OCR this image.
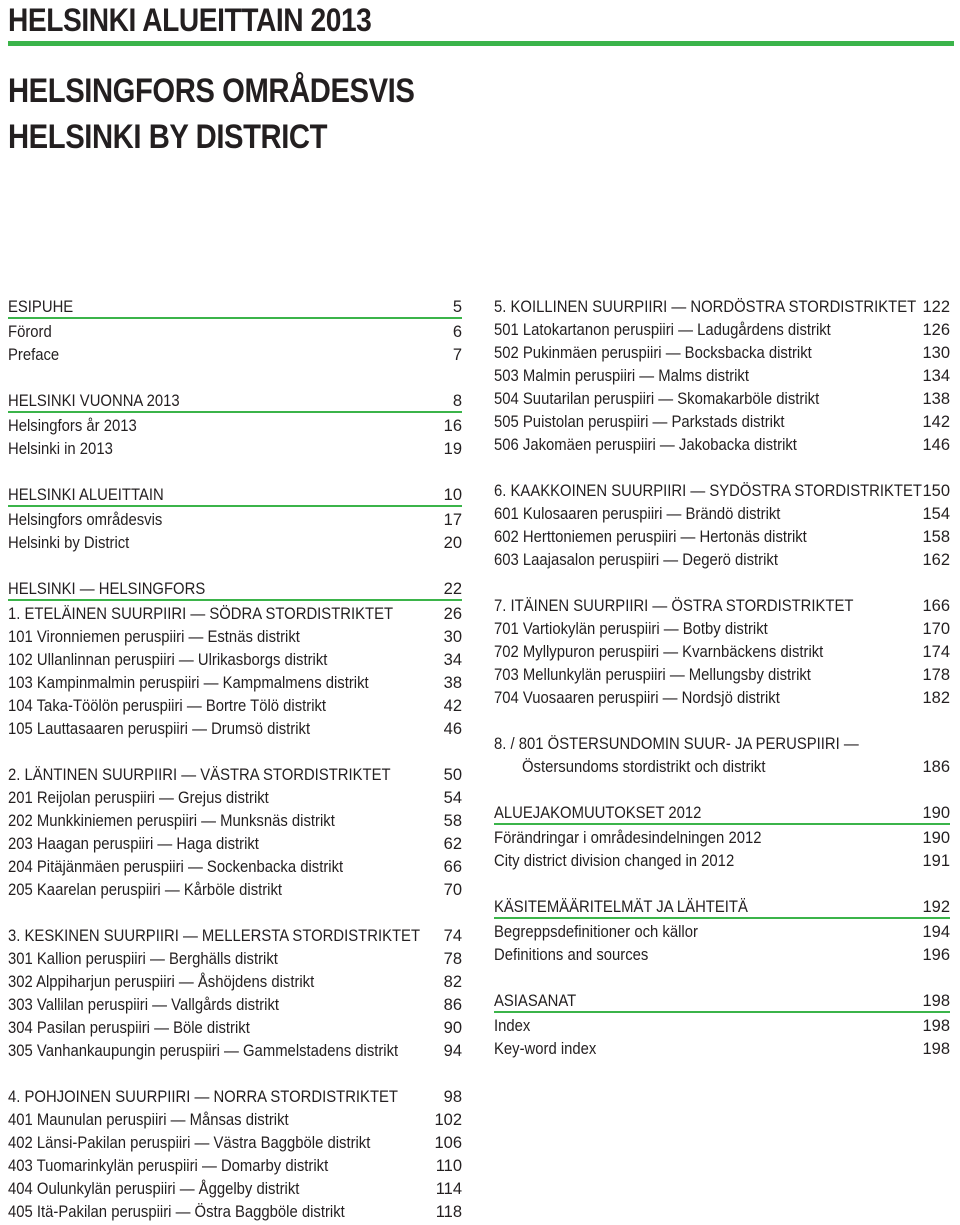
HELSINKI ALUEITTAIN 2013
HELSINGFORS OMRÅDESVIS
HELSINKI BY DISTRICT
ESIPUHE	5
Förord	6
Preface	7
HELSINKI VUONNA 2013	8
Helsingfors år 2013	16
Helsinki in 2013	19
HELSINKI ALUEITTAIN	10
Helsingfors områdesvis	17
Helsinki by District	20
HELSINKI — HELSINGFORS	22
1. ETELÄINEN SUURPIIRI — SÖDRA STORDISTRIKTET	26
101 Vironniemen peruspiiri — Estnäs distrikt	30
102 Ullanlinnan peruspiiri — Ulrikasborgs distrikt	34
103 Kampinmalmin peruspiiri — Kampmalmens distrikt	38
104 Taka-Töölön peruspiiri — Bortre Tölö distrikt	42
105 Lauttasaaren peruspiiri — Drumsö distrikt	46
2. LÄNTINEN SUURPIIRI — VÄSTRA STORDISTRIKTET	50
201 Reijolan peruspiiri — Grejus distrikt	54
202 Munkkiniemen peruspiiri — Munksnäs distrikt	58
203 Haagan peruspiiri — Haga distrikt	62
204 Pitäjänmäen peruspiiri — Sockenbacka distrikt	66
205 Kaarelan peruspiiri — Kårböle distrikt	70
3. KESKINEN SUURPIIRI — MELLERSTA STORDISTRIKTET 74
301 Kallion peruspiiri — Berghälls distrikt	78
302 Alppiharjun peruspiiri — Åshöjdens distrikt	82
303 Vallilan peruspiiri — Vallgårds distrikt	86
304 Pasilan peruspiiri — Böle distrikt	90
305 Vanhankaupungin peruspiiri — Gammelstadens distrikt	94
4. POHJOINEN SUURPIIRI — NORRA STORDISTRIKTET	98
401 Maunulan peruspiiri — Månsas distrikt	102
402 Länsi-Pakilan peruspiiri — Västra Baggböle distrikt	106
403 Tuomarinkylän peruspiiri — Domarby distrikt	110
404 Oulunkylän peruspiiri — Åggelby distrikt	114
405 Itä-Pakilan peruspiiri — Östra Baggböle distrikt	118
5. KOILLINEN SUURPIIRI — NORDÖSTRA STORDISTRIKTET 122
501 Latokartanon peruspiiri — Ladugårdens distrikt	126
502 Pukinmäen peruspiiri — Bocksbacka distrikt	130
503 Malmin peruspiiri — Malms distrikt	134
504 Suutarilan peruspiiri — Skomakarböle distrikt	138
505 Puistolan peruspiiri — Parkstads distrikt	142
506 Jakomäen peruspiiri — Jakobacka distrikt	146
6. KAAKKOINEN SUURPIIRI — SYDÖSTRA STORDISTRIKTET 150
601 Kulosaaren peruspiiri — Brändö distrikt	154
602 Herttoniemen peruspiiri — Hertonäs distrikt	158
603 Laajasalon peruspiiri — Degerö distrikt	162
7. ITÄINEN SUURPIIRI — ÖSTRA STORDISTRIKTET	166
701 Vartiokylän peruspiiri — Botby distrikt	170
702 Myllypuron peruspiiri — Kvarnbäckens distrikt	174
703 Mellunkylän peruspiiri — Mellungsby distrikt	178
704 Vuosaaren peruspiiri — Nordsjö distrikt	182
8. / 801 ÖSTERSUNDOMIN SUUR- JA PERUSPIIRI —
Östersundoms stordistrikt och distrikt	186
ALUEJAKOMUUTOKSET 2012	190
Förändringar i områdesindelningen 2012	190
City district division changed in 2012	191
KÄSITEMÄÄRITELMÄT JA LÄHTEITÄ	192
Begreppsdefinitioner och källor	194
Definitions and sources	196
ASIASANAT	198
Index	198
Key-word index	198
